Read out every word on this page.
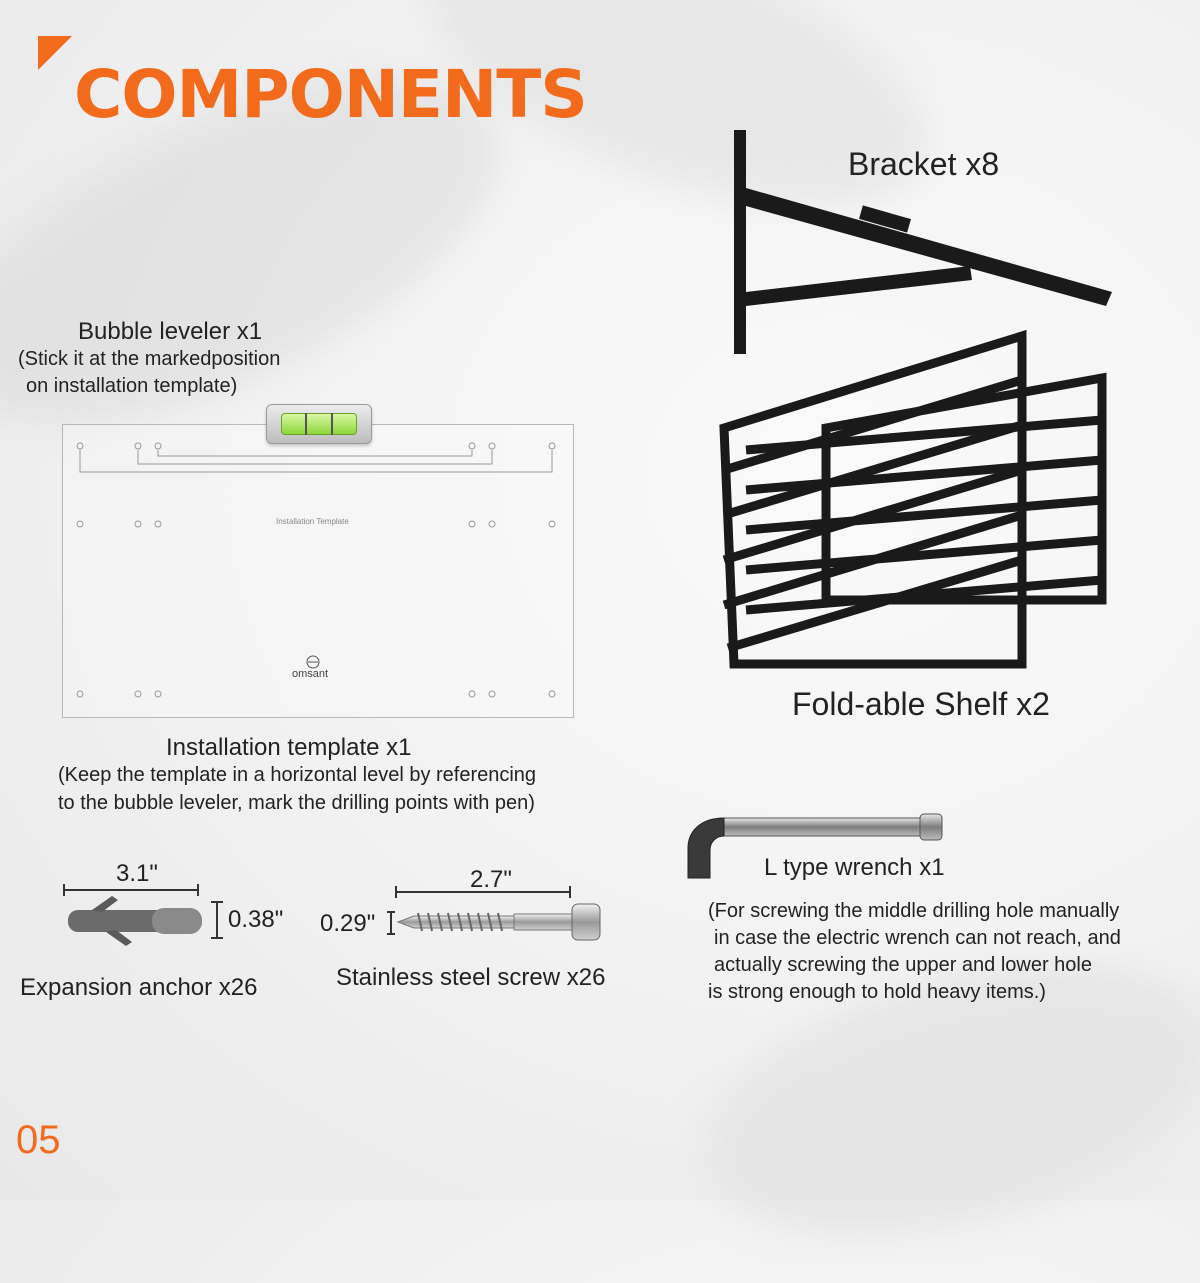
COMPONENTS
Bracket x8
Fold-able Shelf x2
Bubble leveler x1
(Stick it at the markedposition
on installation template)
Installation Template
omsant
Installation template x1
(Keep the template in a horizontal level by referencing
to the bubble leveler, mark the drilling points with pen)
3.1"
0.38"
Expansion anchor x26
2.7"
0.29"
Stainless steel screw x26
L type wrench x1
(For screwing the middle drilling hole manually
in case the electric wrench can not reach, and
actually screwing the upper and lower hole
is strong enough to hold heavy items.)
05
